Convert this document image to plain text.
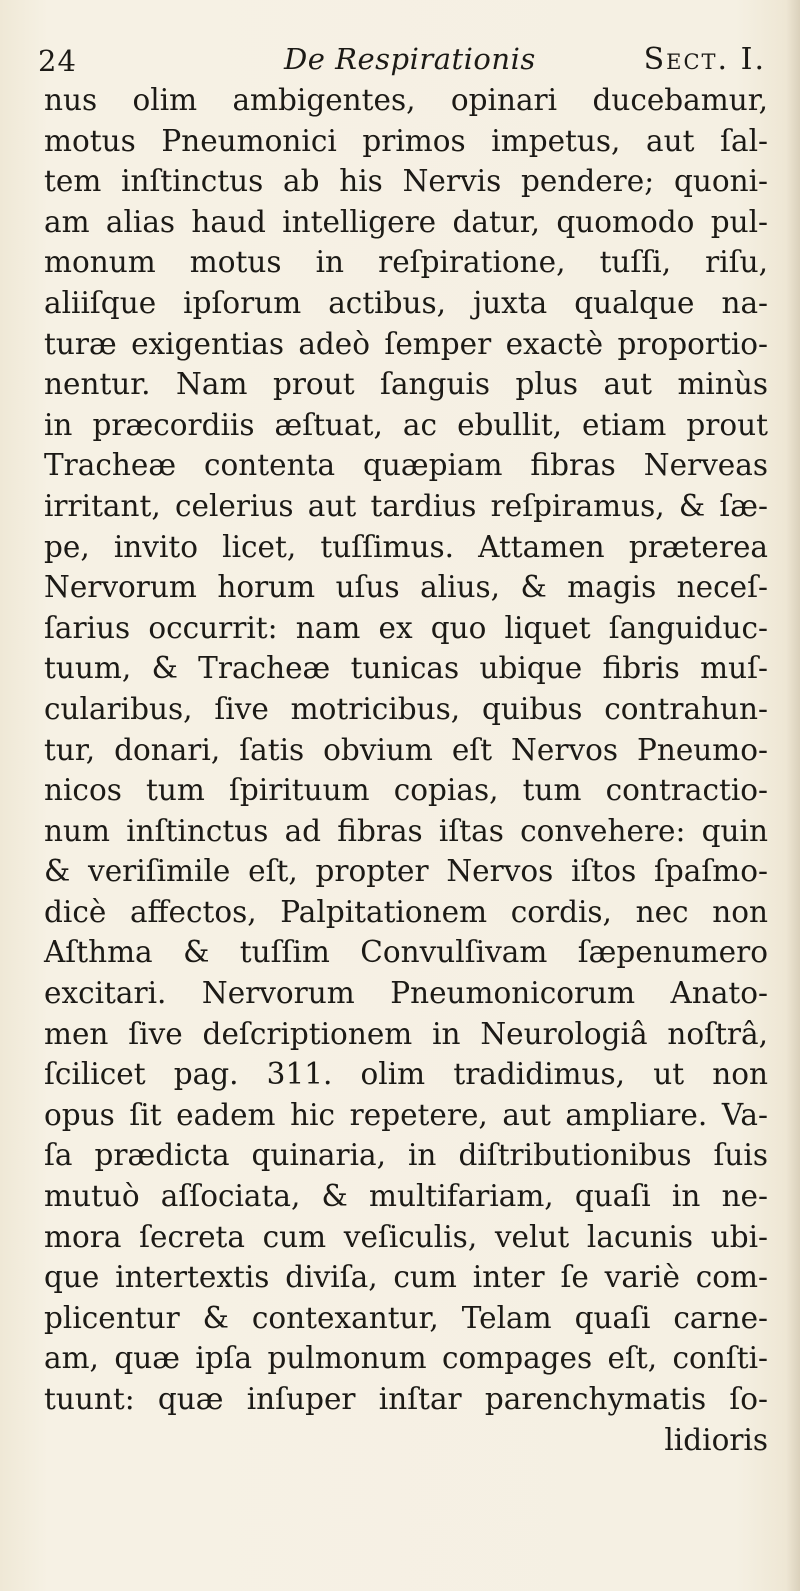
24	De Respirationis	Sect. I.
nus olim ambigentes, opinari ducebamur,
motus Pneumonici primos impetus, aut ſal-
tem inſtinctus ab his Nervis pendere; quoni-
am alias haud intelligere datur, quomodo pul-
monum motus in reſpiratione, tuſſi, riſu,
aliiſque ipſorum actibus, juxta qualque na-
turæ exigentias adeò ſemper exactè proportio-
nentur. Nam prout ſanguis plus aut minùs
in præcordiis æſtuat, ac ebullit, etiam prout
Tracheæ contenta quæpiam fibras Nerveas
irritant, celerius aut tardius reſpiramus, & ſæ-
pe, invito licet, tuſſimus. Attamen præterea
Nervorum horum uſus alius, & magis neceſ-
ſarius occurrit: nam ex quo liquet ſanguiduc-
tuum, & Tracheæ tunicas ubique fibris muſ-
cularibus, ſive motricibus, quibus contrahun-
tur, donari, ſatis obvium eſt Nervos Pneumo-
nicos tum ſpirituum copias, tum contractio-
num inſtinctus ad fibras iſtas convehere: quin
& veriſimile eſt, propter Nervos iſtos ſpaſmo-
dicè affectos, Palpitationem cordis, nec non
Aſthma & tuſſim Convulſivam ſæpenumero
excitari. Nervorum Pneumonicorum Anato-
men ſive deſcriptionem in Neurologiâ noſtrâ,
ſcilicet pag. 311. olim tradidimus, ut non
opus ſit eadem hic repetere, aut ampliare. Va-
ſa prædicta quinaria, in diſtributionibus ſuis
mutuò aſſociata, & multifariam, quaſi in ne-
mora ſecreta cum veſiculis, velut lacunis ubi-
que intertextis diviſa, cum inter ſe variè com-
plicentur & contexantur, Telam quaſi carne-
am, quæ ipſa pulmonum compages eſt, conſti-
tuunt: quæ inſuper inſtar parenchymatis ſo-
lidioris
